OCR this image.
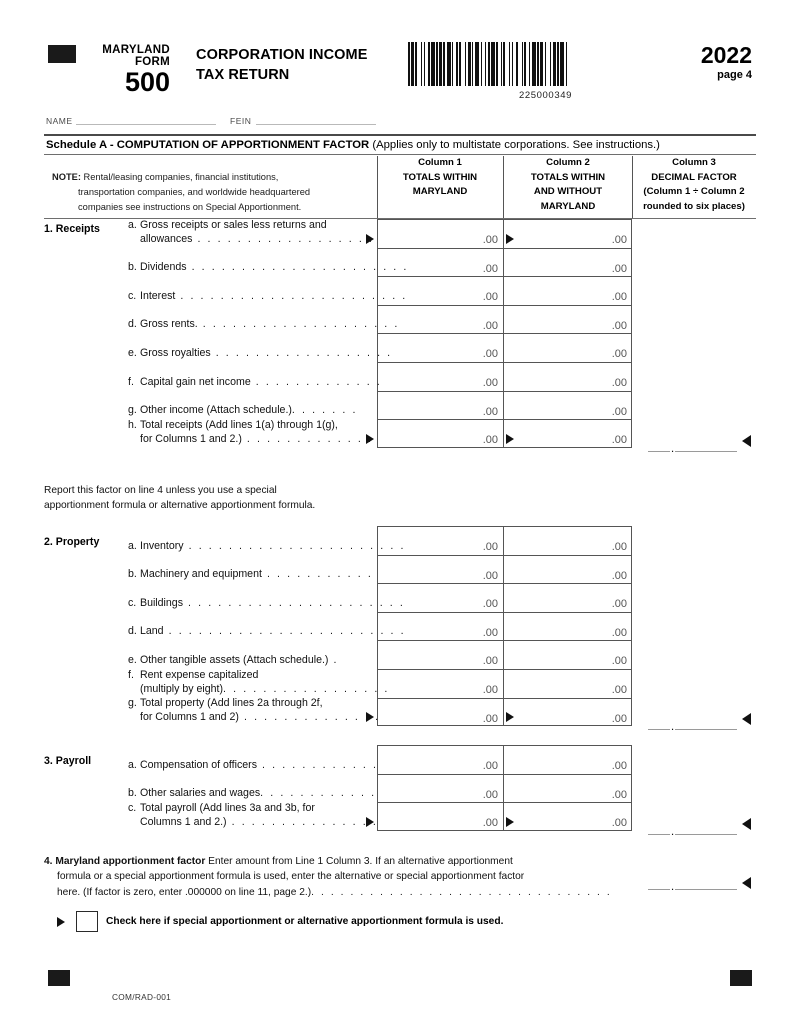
MARYLAND
FORM
500
CORPORATION INCOME
TAX RETURN
225000349
2022
page 4
NAME	FEIN
Schedule A - COMPUTATION OF APPORTIONMENT FACTOR (Applies only to multistate corporations. See instructions.)
NOTE: Rental/leasing companies, financial institutions,
transportation companies, and worldwide headquartered
companies see instructions on Special Apportionment.
Column 1
TOTALS WITHIN
MARYLAND
Column 2
TOTALS WITHIN
AND WITHOUT
MARYLAND
Column 3
DECIMAL FACTOR
(Column 1 ÷ Column 2
rounded to six places)
1. Receipts	a. Gross receipts or sales less returns and
allowances . . . . . . . . . . . . . . . . . .	.00	.00
b. Dividends . . . . . . . . . . . . . . . . . . . . . .	.00	.00
c. Interest . . . . . . . . . . . . . . . . . . . . . . .	.00	.00
d. Gross rents. . . . . . . . . . . . . . . . . . . . .	.00	.00
e. Gross royalties . . . . . . . . . . . . . . . . . .	.00	.00
f. Capital gain net income . . . . . . . . . . . . .	.00	.00
g. Other income (Attach schedule.). . . . . . .	.00	.00
h. Total receipts (Add lines 1(a) through 1(g),
for Columns 1 and 2.) . . . . . . . . . . . . .	.00	.00
.
2. Property	a. Inventory . . . . . . . . . . . . . . . . . . . . . .	.00	.00
b. Machinery and equipment . . . . . . . . . . .	.00	.00
c. Buildings . . . . . . . . . . . . . . . . . . . . . .	.00	.00
d. Land . . . . . . . . . . . . . . . . . . . . . . . .	.00	.00
e. Other tangible assets (Attach schedule.) .	.00	.00
f. Rent expense capitalized
(multiply by eight). . . . . . . . . . . . . . . . .	.00	.00
g. Total property (Add lines 2a through 2f,
for Columns 1 and 2) . . . . . . . . . . . . . .	.00	.00
.
3. Payroll	a. Compensation of officers . . . . . . . . . . . .	.00	.00
b. Other salaries and wages. . . . . . . . . . . .	.00	.00
c. Total payroll (Add lines 3a and 3b, for
Columns 1 and 2.) . . . . . . . . . . . . . . .	.00	.00
.
Report this factor on line 4 unless you use a special
apportionment formula or alternative apportionment formula.
4. Maryland apportionment factor Enter amount from Line 1 Column 3. If an alternative apportionment
formula or a special apportionment formula is used, enter the alternative or special apportionment factor
here. (If factor is zero, enter .000000 on line 11, page 2.). . . . . . . . . . . . . . . . . . . . . . . . . . . . . . .	.
Check here if special apportionment or alternative apportionment formula is used.
COM/RAD-001
